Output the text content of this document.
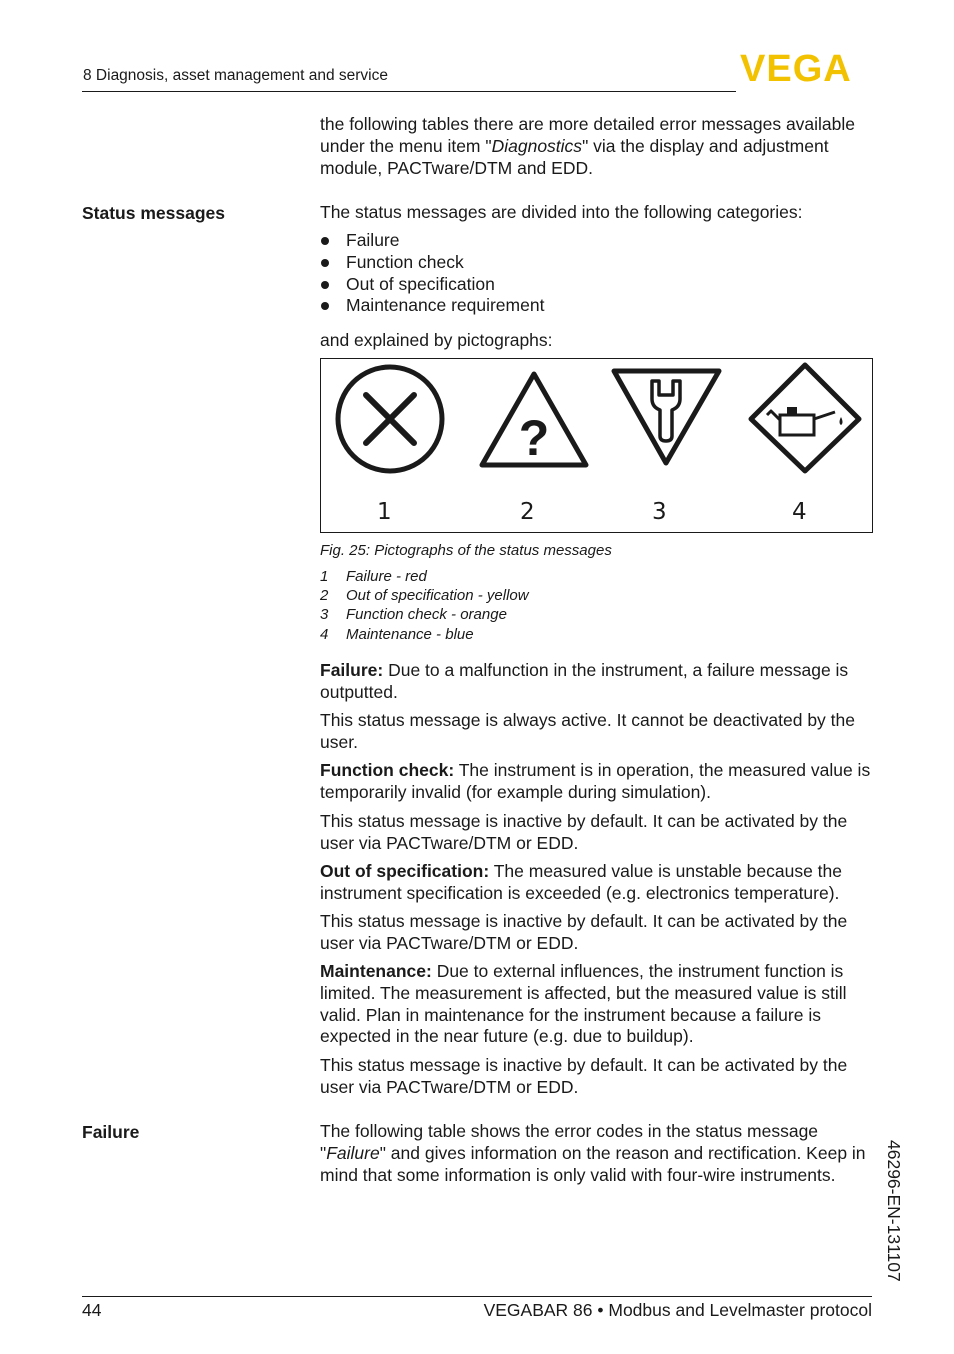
8 Diagnosis, asset management and service	VEGA
the following tables there are more detailed error messages available under the menu item "Diagnostics" via the display and adjustment module, PACTware/DTM and EDD.
Status messages	The status messages are divided into the following categories:
Failure
Function check
Out of specification
Maintenance requirement
and explained by pictographs:
?
1	2	3	4
Fig. 25: Pictographs of the status messages
1	Failure - red
2	Out of specification - yellow
3	Function check - orange
4	Maintenance - blue
Failure: Due to a malfunction in the instrument, a failure message is outputted.
This status message is always active. It cannot be deactivated by the user.
Function check: The instrument is in operation, the measured value is temporarily invalid (for example during simulation).
This status message is inactive by default. It can be activated by the user via PACTware/DTM or EDD.
Out of specification: The measured value is unstable because the instrument specification is exceeded (e.g. electronics temperature).
This status message is inactive by default. It can be activated by the user via PACTware/DTM or EDD.
Maintenance: Due to external influences, the instrument function is limited. The measurement is affected, but the measured value is still valid. Plan in maintenance for the instrument because a failure is expected in the near future (e.g. due to buildup).
This status message is inactive by default. It can be activated by the user via PACTware/DTM or EDD.
Failure	The following table shows the error codes in the status message "Failure" and gives information on the reason and rectification. Keep in mind that some information is only valid with four-wire instruments.	46296-EN-131107
44	VEGABAR 86 • Modbus and Levelmaster protocol
